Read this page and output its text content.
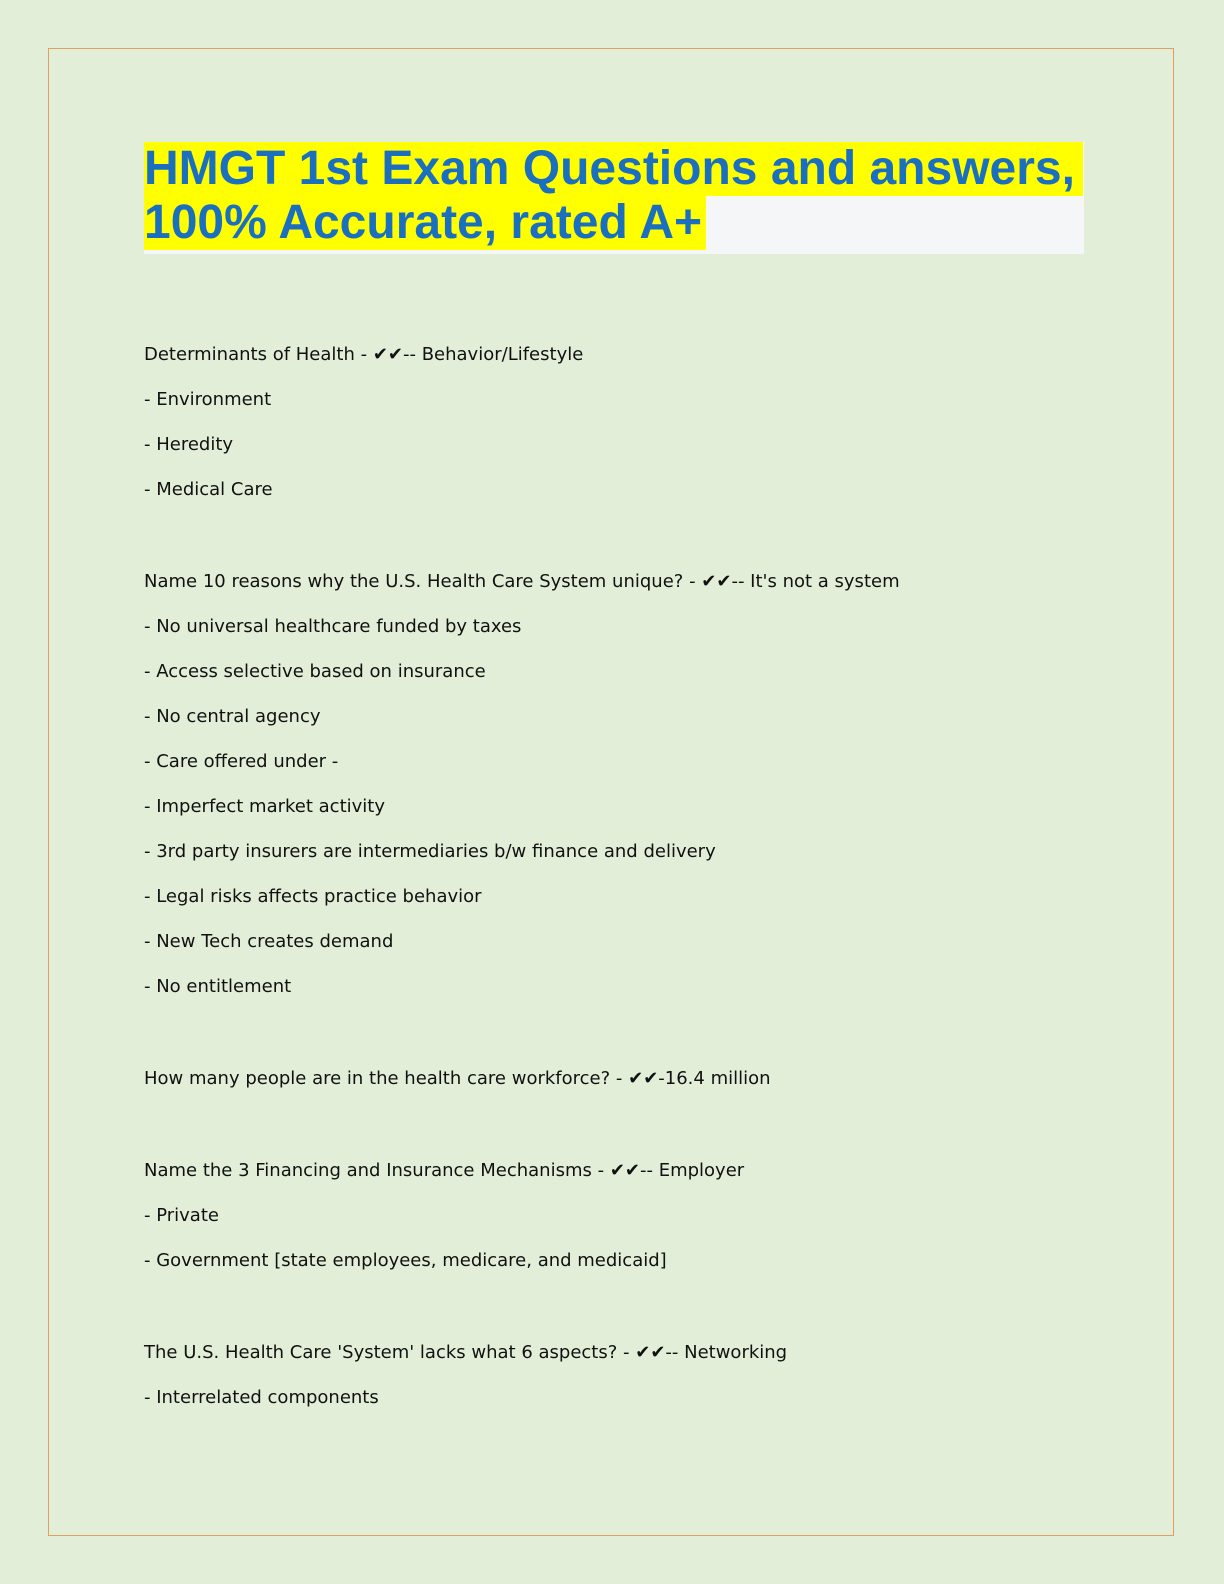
HMGT 1st Exam Questions and answers,
100% Accurate, rated A+
Determinants of Health - ✔✔-- Behavior/Lifestyle
- Environment
- Heredity
- Medical Care
Name 10 reasons why the U.S. Health Care System unique? - ✔✔-- It's not a system
- No universal healthcare funded by taxes
- Access selective based on insurance
- No central agency
- Care offered under -
- Imperfect market activity
- 3rd party insurers are intermediaries b/w finance and delivery
- Legal risks affects practice behavior
- New Tech creates demand
- No entitlement
How many people are in the health care workforce? - ✔✔-16.4 million
Name the 3 Financing and Insurance Mechanisms - ✔✔-- Employer
- Private
- Government [state employees, medicare, and medicaid]
The U.S. Health Care 'System' lacks what 6 aspects? - ✔✔-- Networking
- Interrelated components
